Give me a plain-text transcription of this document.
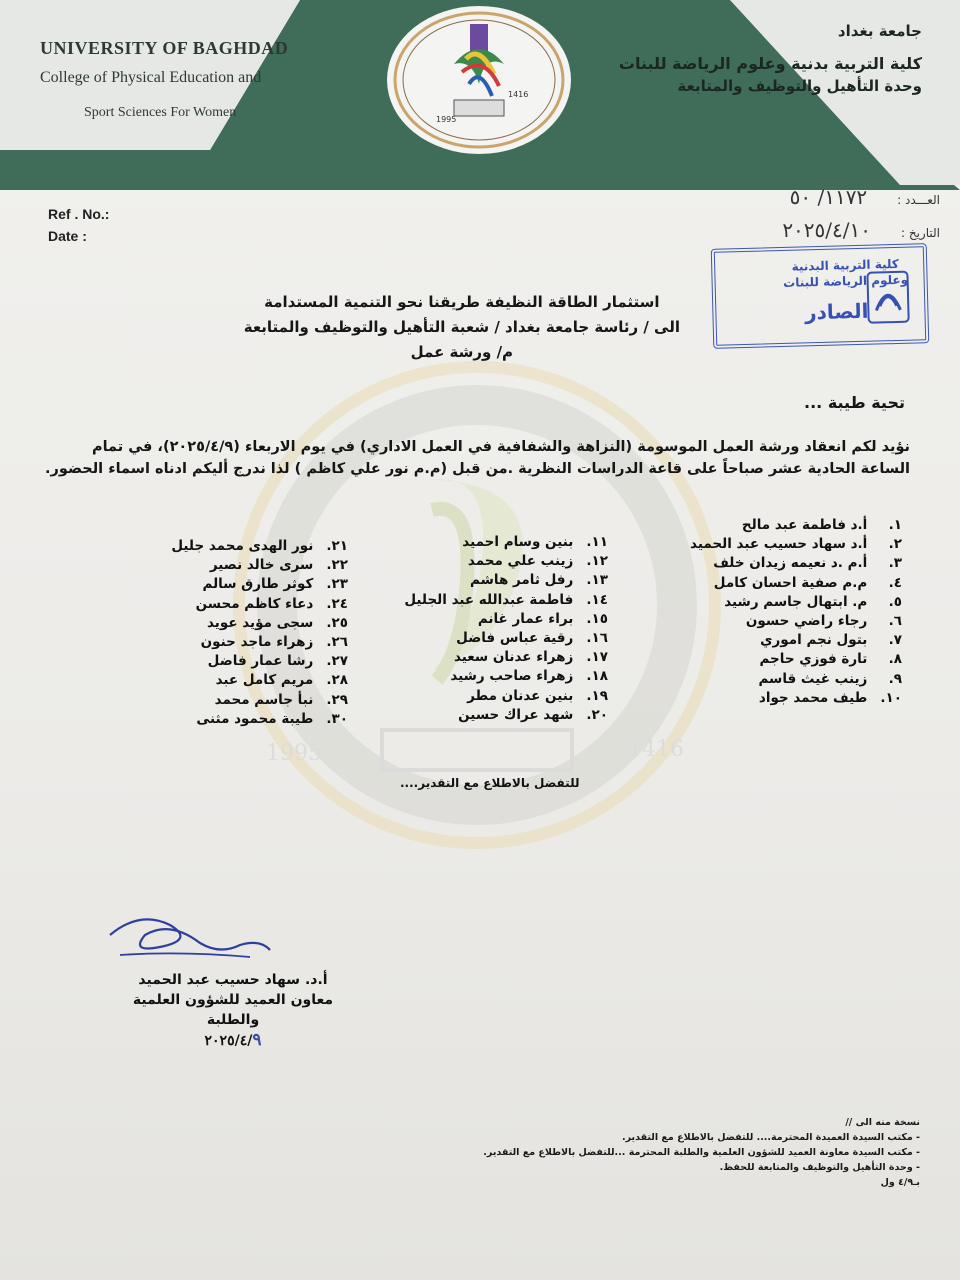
UNIVERSITY OF BAGHDAD
College of Physical Education and
Sport Sciences For Women
جامعة بغداد
كلية التربية بدنية وعلوم الرياضة للبنات
وحدة التأهيل والتوظيف والمتابعة
1995
1416
Ref . No.:
Date :
العـــدد :١١٧٢/ ٥٠
التاريخ :٢٠٢٥/٤/١٠
كلية التربية البدنية وعلوم الرياضة للبنات
الصادر
1995	1416
استثمار الطاقة النظيفة طريقنا نحو التنمية المستدامة
الى / رئاسة جامعة بغداد / شعبة التأهيل والتوظيف والمتابعة
م/ ورشة عمل
تحية طيبة ...
نؤيد لكم انعقاد ورشة العمل الموسومة (النزاهة والشفافية في العمل الاداري) في يوم الاربعاء (٢٠٢٥/٤/٩)، في تمام الساعة الحادية عشر صباحاً على قاعة الدراسات النظرية .من قبل (م.م نور علي كاظم ) لذا ندرج أليكم ادناه اسماء الحضور.
١. أ.د فاطمة عبد مالح
٢. أ.د سهاد حسيب عبد الحميد
٣. أ.م .د نعيمه زيدان خلف
٤. م.م صفية احسان كامل
٥. م. ابتهال جاسم رشيد
٦. رجاء راضي حسون
٧. بتول نجم اموري
٨. تارة فوزي حاجم
٩. زينب غيث قاسم
١٠. طيف محمد جواد
١١. بنين وسام احميد
١٢. زينب علي محمد
١٣. رفل ثامر هاشم
١٤. فاطمة عبدالله عبد الجليل
١٥. براء عمار غانم
١٦. رقية عباس فاضل
١٧. زهراء عدنان سعيد
١٨. زهراء صاحب رشيد
١٩. بنين عدنان مطر
٢٠. شهد عراك حسين
٢١. نور الهدى محمد جليل
٢٢. سرى خالد نصير
٢٣. كوثر طارق سالم
٢٤. دعاء كاظم محسن
٢٥. سجى مؤيد عويد
٢٦. زهراء ماجد حنون
٢٧. رشا عمار فاضل
٢٨. مريم كامل عبد
٢٩. نبأ جاسم محمد
٣٠. طيبة محمود مثنى
للتفضل بالاطلاع مع التقدير....
أ.د. سهاد حسيب عبد الحميد
معاون العميد للشؤون العلمية والطلبة
٢٠٢٥/٤/٩
نسخة منه الى //
- مكتب السيدة العميدة المحترمة.... للتفضل بالاطلاع مع التقدير.
- مكتب السيدة معاونة العميد للشؤون العلمية والطلبة المحترمة ...للتفضل بالاطلاع مع التقدير.
- وحدة التأهيل والتوظيف والمتابعة للحفظ.
بـ٤/٩ ول
